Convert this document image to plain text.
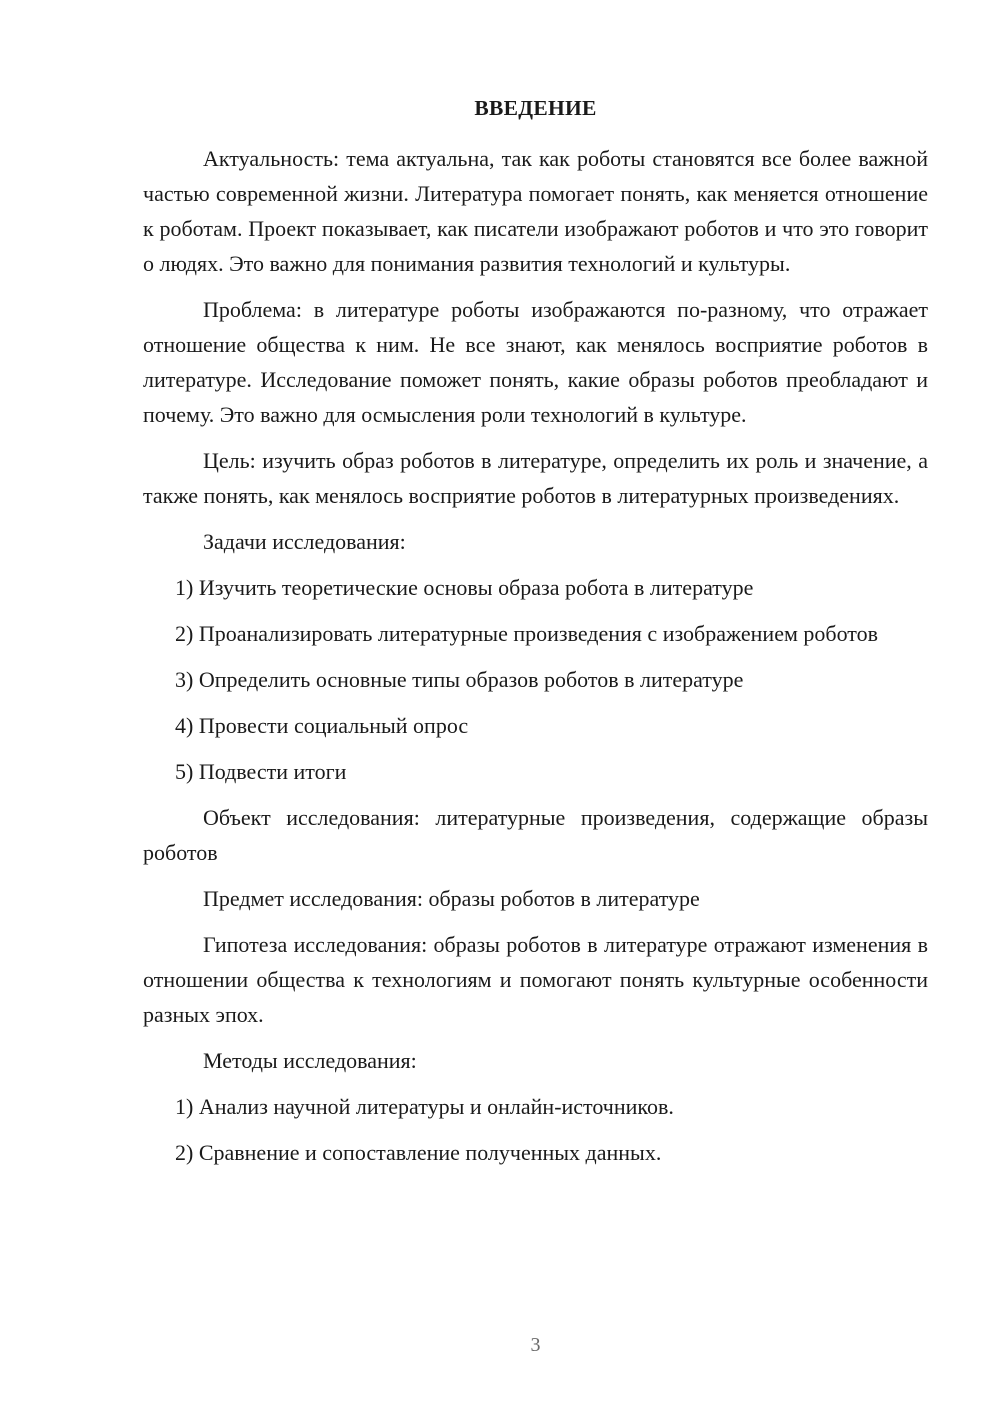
ВВЕДЕНИЕ

Актуальность: тема актуальна, так как роботы становятся все более важной частью современной жизни. Литература помогает понять, как меняется отношение к роботам. Проект показывает, как писатели изображают роботов и что это говорит о людях. Это важно для понимания развития технологий и культуры.

Проблема: в литературе роботы изображаются по-разному, что отражает отношение общества к ним. Не все знают, как менялось восприятие роботов в литературе. Исследование поможет понять, какие образы роботов преобладают и почему. Это важно для осмысления роли технологий в культуре.

Цель: изучить образ роботов в литературе, определить их роль и значение, а также понять, как менялось восприятие роботов в литературных произведениях.

Задачи исследования:

1) Изучить теоретические основы образа робота в литературе

2) Проанализировать литературные произведения с изображением роботов

3) Определить основные типы образов роботов в литературе

4) Провести социальный опрос

5) Подвести итоги

Объект исследования: литературные произведения, содержащие образы роботов

Предмет исследования: образы роботов в литературе

Гипотеза исследования: образы роботов в литературе отражают изменения в отношении общества к технологиям и помогают понять культурные особенности разных эпох.

Методы исследования:

1) Анализ научной литературы и онлайн-источников.

2) Сравнение и сопоставление полученных данных.

3
